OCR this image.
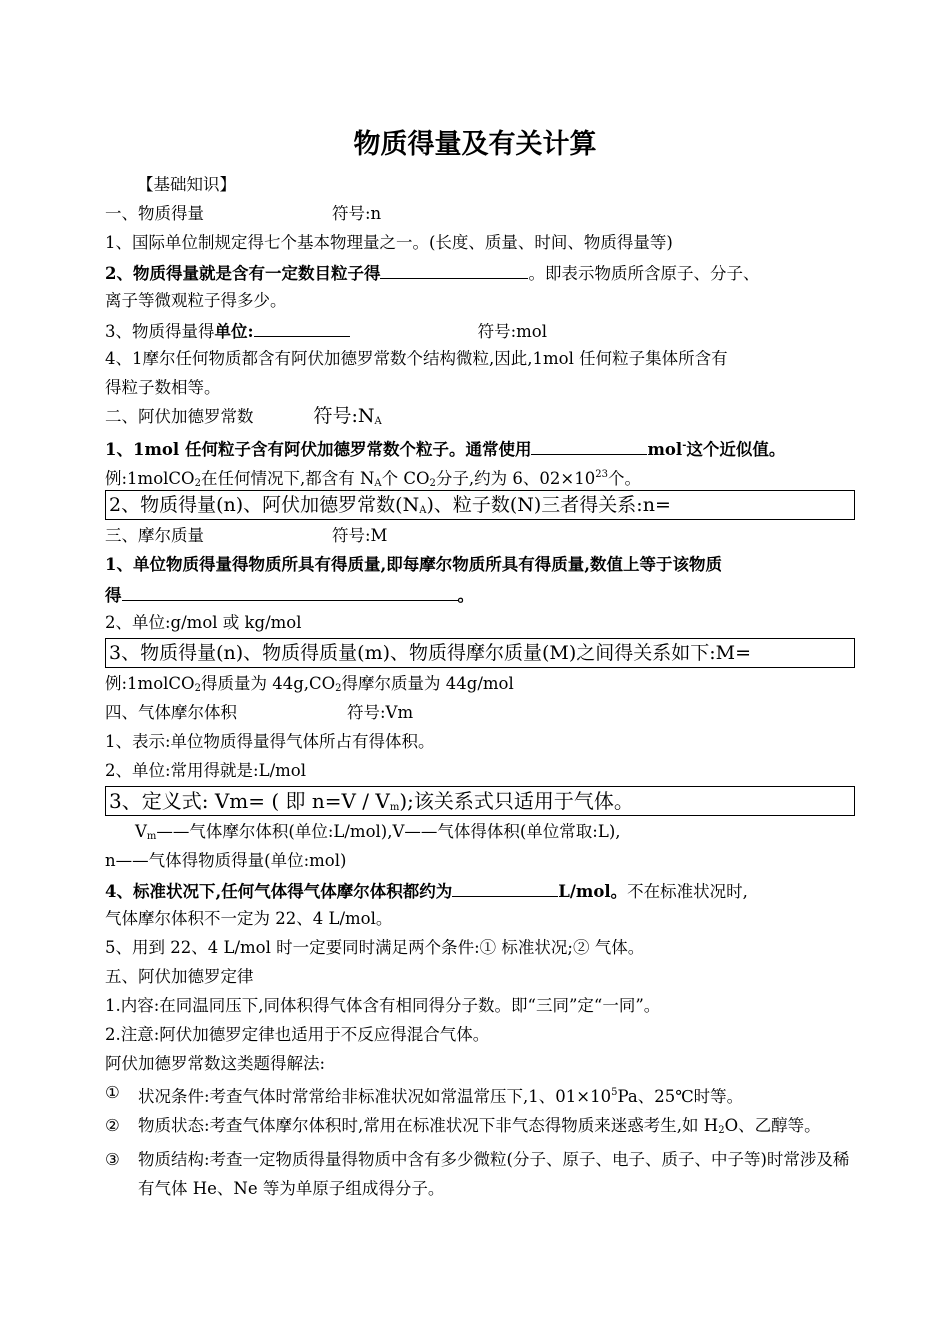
物质得量及有关计算
【基础知识】
一、物质得量	符号:n
1、国际单位制规定得七个基本物理量之一。(长度、质量、时间、物质得量等)
2、物质得量就是含有一定数目粒子得	。即表示物质所含原子、分子、
离子等微观粒子得多少。
3、物质得量得单位:	符号:mol
4、1摩尔任何物质都含有阿伏加德罗常数个结构微粒,因此,1mol 任何粒子集体所含有
得粒子数相等。
二、阿伏加德罗常数	符号$:N_A$
1、1mol 任何粒子含有阿伏加德罗常数个粒子。通常使用	mol-这个近似值。
例:1molCO$_2$在任何情况下,都含有 $N_A$个 $CO_2$分子,约为 6、$02\times 10^{23}$个。
2、物质得量(n)、阿伏加德罗常数$(N_A)$、粒子数(N)三者得关系:n=
三、摩尔质量	符号:M
1、单位物质得量得物质所具有得质量,即每摩尔物质所具有得质量,数值上等于该物质
得	。
2、单位:g/mol 或 kg/mol
3、物质得量(n)、物质得质量(m)、物质得摩尔质量(M)之间得关系如下:M=
例:1molCO$_2$得质量为 $44g,CO_2$得摩尔质量为 44g/mol
四、气体摩尔体积	符号:Vm
1、表示:单位物质得量得气体所占有得体积。
2、单位:常用得就是:L/mol
3、定义式: Vm= ( 即 $n=V / V_m$);该关系式只适用于气体。
$V_m——$气体摩尔体积(单位:L/mol),V——气体得体积(单位常取:L),
n——气体得物质得量(单位:mol)
4、标准状况下,任何气体得气体摩尔体积都约为	L/mol。不在标准状况时,
气体摩尔体积不一定为 22、4 L/mol。
5、用到 22、4 L/mol 时一定要同时满足两个条件:① 标准状况;② 气体。
五、阿伏加德罗定律
1.内容:在同温同压下,同体积得气体含有相同得分子数。即“三同”定“一同”。
2.注意:阿伏加德罗定律也适用于不反应得混合气体。
阿伏加德罗常数这类题得解法:
①	状况条件:考查气体时常常给非标准状况如常温常压下,1、$01\times 10^5Pa$、25℃时等。
②	物质状态:考查气体摩尔体积时,常用在标准状况下非气态得物质来迷惑考生,如 $H_2O$、乙醇等。
③	物质结构:考查一定物质得量得物质中含有多少微粒(分子、原子、电子、质子、中子等)时常涉及稀有气体 He、Ne 等为单原子组成得分子。
